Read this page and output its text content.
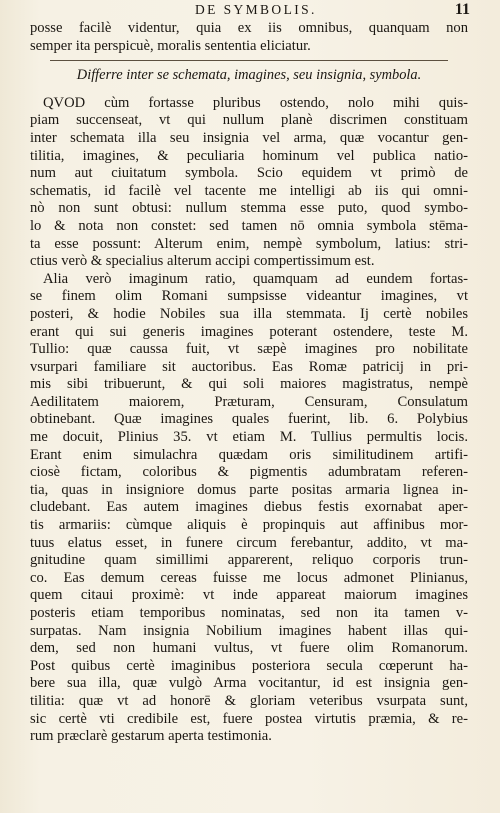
DE SYMBOLIS.	11
posse facilè videntur, quia ex iis omnibus, quanquam non
semper ita perspicuè, moralis sententia eliciatur.
Differre inter se schemata, imagines, seu insignia, symbola.
QVOD cùm fortasse pluribus ostendo, nolo mihi quis-
piam succenseat, vt qui nullum planè discrimen constituam
inter schemata illa seu insignia vel arma, quæ vocantur gen-
tilitia, imagines, & peculiaria hominum vel publica natio-
num aut ciuitatum symbola. Scio equidem vt primò de
schematis, id facilè vel tacente me intelligi ab iis qui omni-
nò non sunt obtusi: nullum stemma esse puto, quod symbo-
lo & nota non constet: sed tamen nō omnia symbola stēma-
ta esse possunt: Alterum enim, nempè symbolum, latius: stri-
ctius verò & specialius alterum accipi compertissimum est.
Alia verò imaginum ratio, quamquam ad eundem fortas-
se finem olim Romani sumpsisse videantur imagines, vt
posteri, & hodie Nobiles sua illa stemmata. Ij certè nobiles
erant qui sui generis imagines poterant ostendere, teste M.
Tullio: quæ caussa fuit, vt sæpè imagines pro nobilitate
vsurpari familiare sit auctoribus. Eas Romæ patricij in pri-
mis sibi tribuerunt, & qui soli maiores magistratus, nempè
Aedilitatem maiorem, Præturam, Censuram, Consulatum
obtinebant. Quæ imagines quales fuerint, lib. 6. Polybius
me docuit, Plinius 35. vt etiam M. Tullius permultis locis.
Erant enim simulachra quædam oris similitudinem artifi-
ciosè fictam, coloribus & pigmentis adumbratam referen-
tia, quas in insigniore domus parte positas armaria lignea in-
cludebant. Eas autem imagines diebus festis exornabat aper-
tis armariis: cùmque aliquis è propinquis aut affinibus mor-
tuus elatus esset, in funere circum ferebantur, addito, vt ma-
gnitudine quam simillimi apparerent, reliquo corporis trun-
co. Eas demum cereas fuisse me locus admonet Plinianus,
quem citaui proximè: vt inde appareat maiorum imagines
posteris etiam temporibus nominatas, sed non ita tamen v-
surpatas. Nam insignia Nobilium imagines habent illas qui-
dem, sed non humani vultus, vt fuere olim Romanorum.
Post quibus certè imaginibus posteriora secula cœperunt ha-
bere sua illa, quæ vulgò Arma vocitantur, id est insignia gen-
tilitia: quæ vt ad honorē & gloriam veteribus vsurpata sunt,
sic certè vti credibile est, fuere postea virtutis præmia, & re-
rum præclarè gestarum aperta testimonia.
